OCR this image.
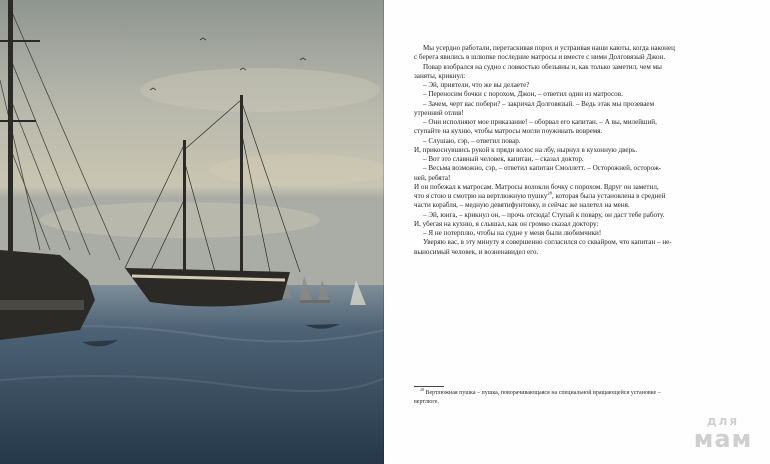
Мы усердно работали, перетаскивая порох и устраивая наши каюты, когда наконец

с берега явились в шлюпке последние матросы и вместе с ними Долговязый Джон.

Повар взобрался на судно с ловкостью обезьяны и, как только заметил, чем мы

заняты, крикнул:

– Эй, приятели, что же вы делаете?

– Переносим бочки с порохом, Джон, – ответил один из матросов.

– Зачем, черт вас побери? – закричал Долговязый. – Ведь этак мы прозеваем

утренний отлив!

– Они исполняют мое приказание! – оборвал его капитан. – А вы, милейший,

ступайте на кухню, чтобы матросы могли поужинать вовремя.

– Слушаю, сэр, – ответил повар.

И, прикоснувшись рукой к пряди волос на лбу, нырнул в кухонную дверь.

– Вот это славный человек, капитан, – сказал доктор.

– Весьма возможно, сэр, – ответил капитан Смоллетт. – Осторожней, осторож-

ней, ребята!

И он побежал к матросам. Матросы волокли бочку с порохом. Вдруг он заметил,

что я стою и смотрю на вертлюжную пушку$^{28}$, которая была установлена в средней

части корабля, – медную девятифунтовку, и сейчас же налетел на меня.

– Эй, юнга, – крикнул он, – прочь отсюда! Ступай к повару, он даст тебе работу.

И, убегая на кухню, я слышал, как он громко сказал доктору:

– Я не потерплю, чтобы на судне у меня были любимчики!

Уверяю вас, в эту минуту я совершенно согласился со сквайром, что капитан – не-

выносимый человек, и возненавидел его.

$^{28}$ Вертлюжная пушка – пушка, поворачивающаяся на специальной вращающейся установке –

вертлюге.

для
мам
